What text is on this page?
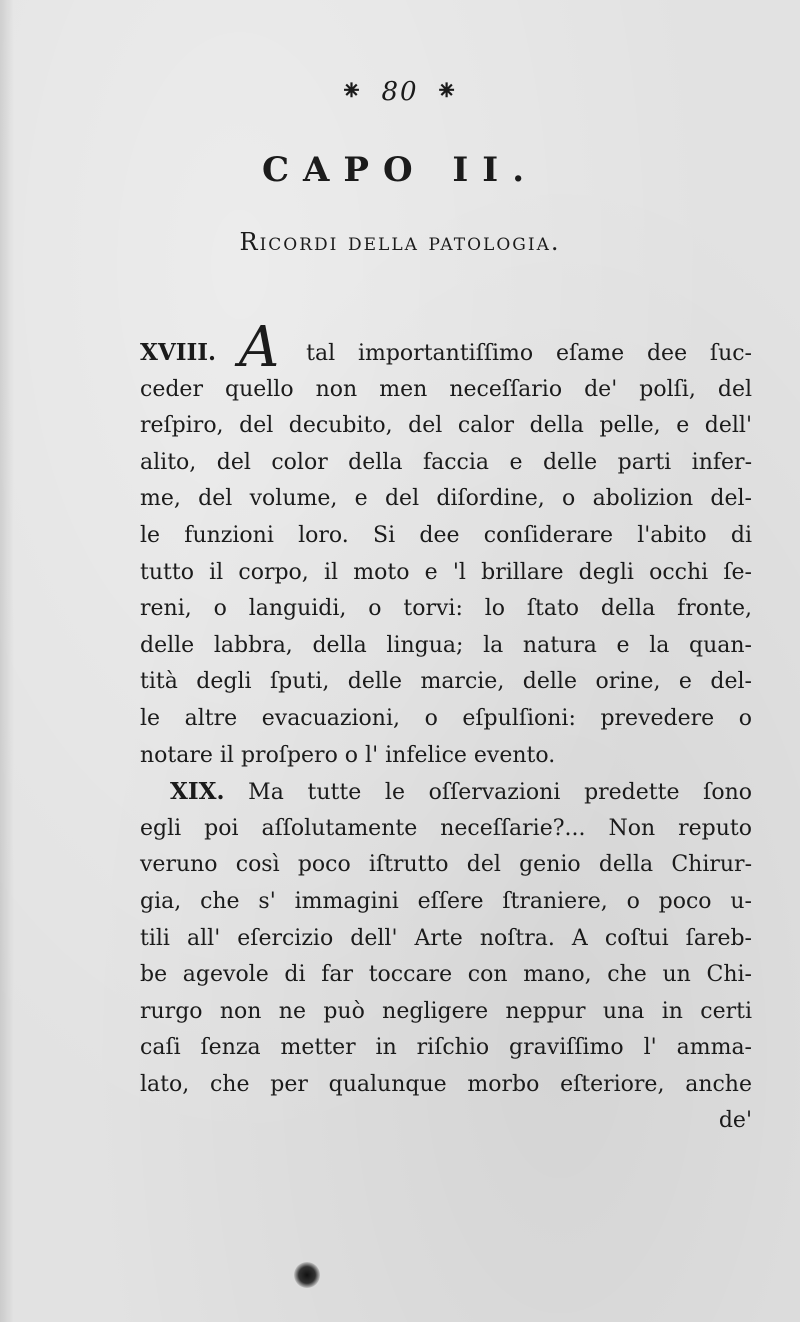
⁕ 80 ⁕
CAPO II.
Ricordi della patologia.
XVIII. A tal importantiſſimo eſame dee ſuc-
ceder quello non men neceſſario de' polſi, del
reſpiro, del decubito, del calor della pelle, e dell'
alito, del color della faccia e delle parti infer-
me, del volume, e del diſordine, o abolizion del-
le funzioni loro. Si dee conſiderare l'abito di
tutto il corpo, il moto e 'l brillare degli occhi ſe-
reni, o languidi, o torvi: lo ſtato della fronte,
delle labbra, della lingua; la natura e la quan-
tità degli ſputi, delle marcie, delle orine, e del-
le altre evacuazioni, o eſpulſioni: prevedere o
notare il proſpero o l' infelice evento.
XIX. Ma tutte le oſſervazioni predette ſono
egli poi aſſolutamente neceſſarie?... Non reputo
veruno così poco iſtrutto del genio della Chirur-
gia, che s' immagini eſſere ſtraniere, o poco u-
tili all' eſercizio dell' Arte noſtra. A coſtui ſareb-
be agevole di far toccare con mano, che un Chi-
rurgo non ne può negligere neppur una in certi
caſi ſenza metter in riſchio graviſſimo l' amma-
lato, che per qualunque morbo eſteriore, anche
de'
